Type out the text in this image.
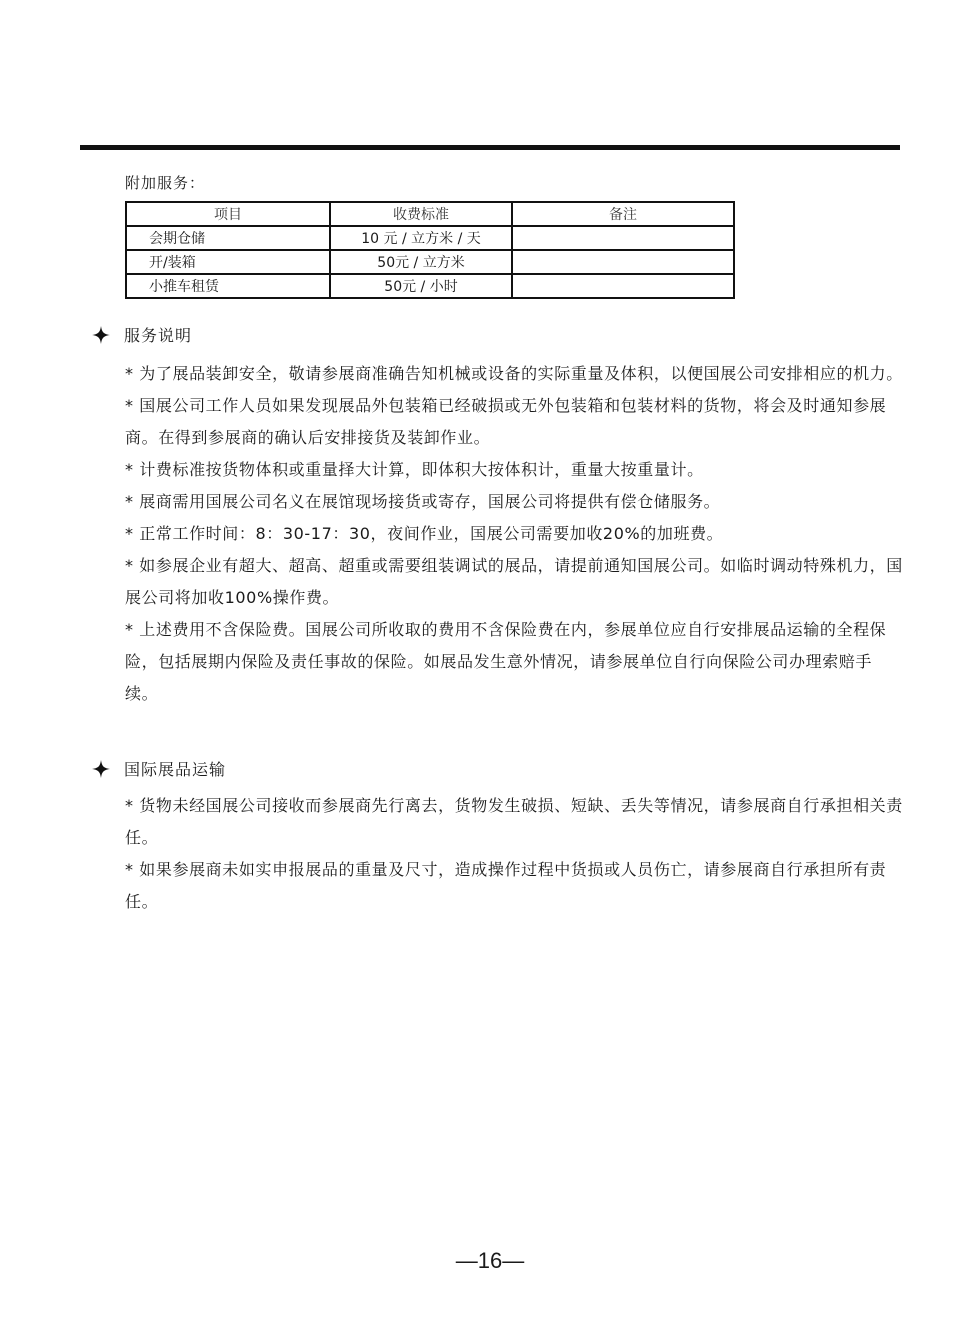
附加服务：
项目	收费标准	备注
会期仓储	10 元 / 立方米 / 天	
开/装箱	50元 / 立方米	
小推车租赁	50元 / 小时	
服务说明

* 为了展品装卸安全，敬请参展商准确告知机械或设备的实际重量及体积，以便国展公司安排相应的机力。

* 国展公司工作人员如果发现展品外包装箱已经破损或无外包装箱和包装材料的货物，将会及时通知参展商。在得到参展商的确认后安排接货及装卸作业。

* 计费标准按货物体积或重量择大计算，即体积大按体积计，重量大按重量计。

* 展商需用国展公司名义在展馆现场接货或寄存，国展公司将提供有偿仓储服务。

* 正常工作时间：8：30-17：30，夜间作业，国展公司需要加收20%的加班费。

* 如参展企业有超大、超高、超重或需要组装调试的展品，请提前通知国展公司。如临时调动特殊机力，国展公司将加收100%操作费。

* 上述费用不含保险费。国展公司所收取的费用不含保险费在内，参展单位应自行安排展品运输的全程保险，包括展期内保险及责任事故的保险。如展品发生意外情况，请参展单位自行向保险公司办理索赔手续。

国际展品运输

* 货物未经国展公司接收而参展商先行离去，货物发生破损、短缺、丢失等情况，请参展商自行承担相关责任。

* 如果参展商未如实申报展品的重量及尺寸，造成操作过程中货损或人员伤亡，请参展商自行承担所有责任。

—16—
